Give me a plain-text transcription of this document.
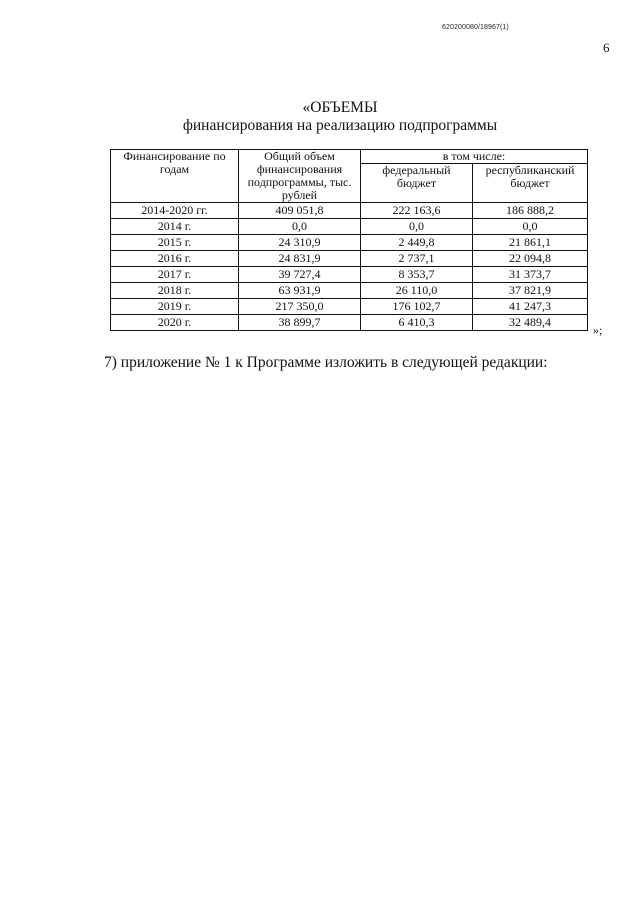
620200080/18967(1)
6
«ОБЪЕМЫ
финансирования на реализацию подпрограммы
Финансирование по годам	Общий объем финансирования подпрограммы, тыс. рублей	в том числе:	
		федеральный бюджет	республиканский бюджет
2014-2020 гг.	409 051,8	222 163,6	186 888,2
2014 г.	0,0	0,0	0,0
2015 г.	24 310,9	2 449,8	21 861,1
2016 г.	24 831,9	2 737,1	22 094,8
2017 г.	39 727,4	8 353,7	31 373,7
2018 г.	63 931,9	26 110,0	37 821,9
2019 г.	217 350,0	176 102,7	41 247,3
2020 г.	38 899,7	6 410,3	32 489,4
»;
7) приложение № 1 к Программе изложить в следующей редакции:
